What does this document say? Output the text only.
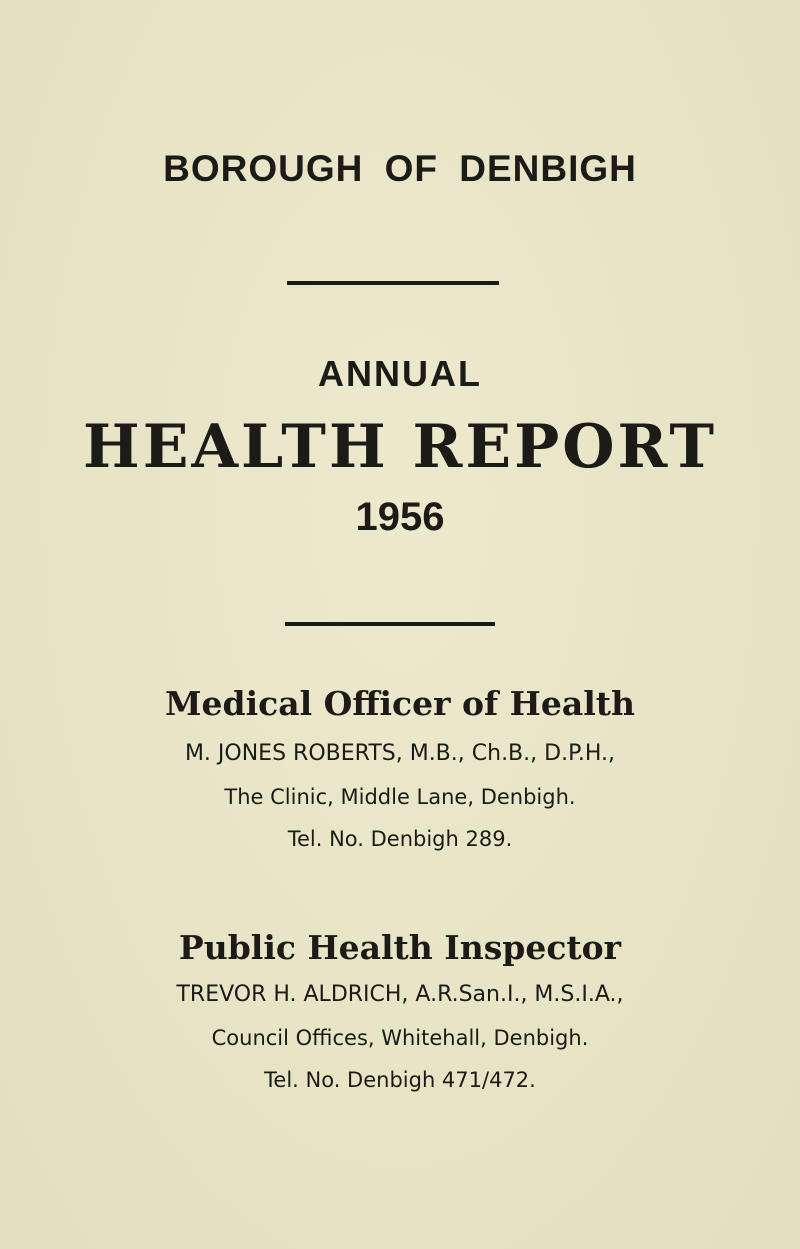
BOROUGH OF DENBIGH
ANNUAL
HEALTH REPORT
1956
Medical Officer of Health
M. JONES ROBERTS, M.B., Ch.B., D.P.H.,
The Clinic, Middle Lane, Denbigh.
Tel. No. Denbigh 289.
Public Health Inspector
TREVOR H. ALDRICH, A.R.San.I., M.S.I.A.,
Council Offices, Whitehall, Denbigh.
Tel. No. Denbigh 471/472.
